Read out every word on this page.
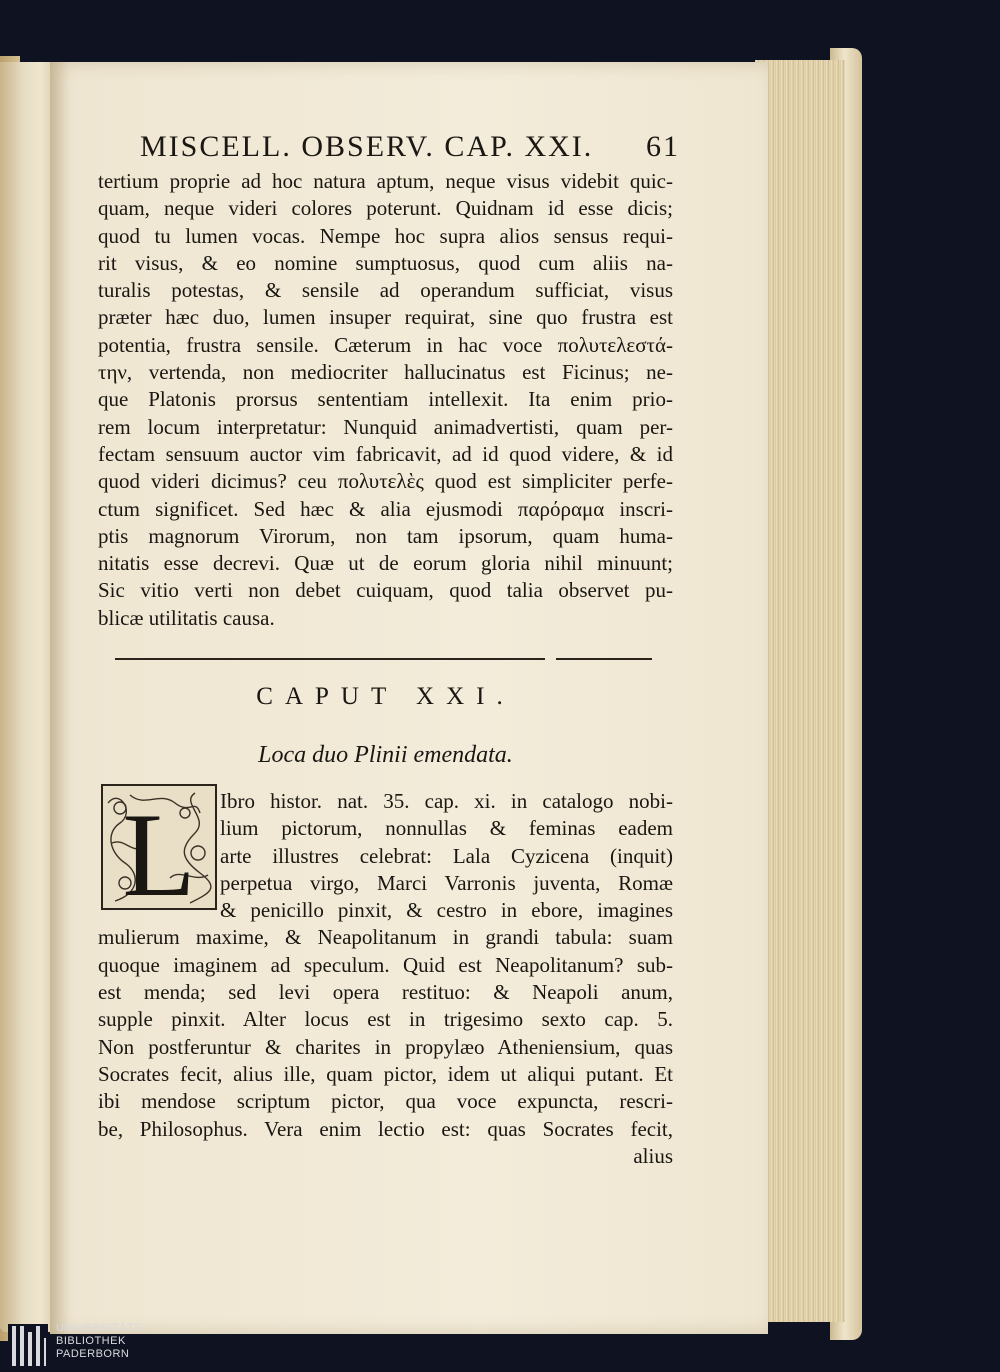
MISCELL. OBSERV. CAP. XXI. 61
tertium proprie ad hoc natura aptum, neque visus videbit quic-
quam, neque videri colores poterunt. Quidnam id esse dicis;
quod tu lumen vocas. Nempe hoc supra alios sensus requi-
rit visus, & eo nomine sumptuosus, quod cum aliis na-
turalis potestas, & sensile ad operandum sufficiat, visus
præter hæc duo, lumen insuper requirat, sine quo frustra est
potentia, frustra sensile. Cæterum in hac voce πολυτελεστά-
την, vertenda, non mediocriter hallucinatus est Ficinus; ne-
que Platonis prorsus sententiam intellexit. Ita enim prio-
rem locum interpretatur: Nunquid animadvertisti, quam per-
fectam sensuum auctor vim fabricavit, ad id quod videre, & id
quod videri dicimus? ceu πολυτελὲς quod est simpliciter perfe-
ctum significet. Sed hæc & alia ejusmodi παρόραμα inscri-
ptis magnorum Virorum, non tam ipsorum, quam huma-
nitatis esse decrevi. Quæ ut de eorum gloria nihil minuunt;
Sic vitio verti non debet cuiquam, quod talia observet pu-
blicæ utilitatis causa.
CAPUT XXI.
Loca duo Plinii emendata.
L Ibro histor. nat. 35. cap. xi. in catalogo nobi-
lium pictorum, nonnullas & feminas eadem
arte illustres celebrat: Lala Cyzicena (inquit)
perpetua virgo, Marci Varronis juventa, Romæ
& penicillo pinxit, & cestro in ebore, imagines
mulierum maxime, & Neapolitanum in grandi tabula: suam
quoque imaginem ad speculum. Quid est Neapolitanum? sub-
est menda; sed levi opera restituo: & Neapoli anum,
supple pinxit. Alter locus est in trigesimo sexto cap. 5.
Non postferuntur & charites in propylæo Atheniensium, quas
Socrates fecit, alius ille, quam pictor, idem ut aliqui putant. Et
ibi mendose scriptum pictor, qua voce expuncta, rescri-
be, Philosophus. Vera enim lectio est: quas Socrates fecit,
alius
UNIVERSITÄTS-
BIBLIOTHEK
PADERBORN
